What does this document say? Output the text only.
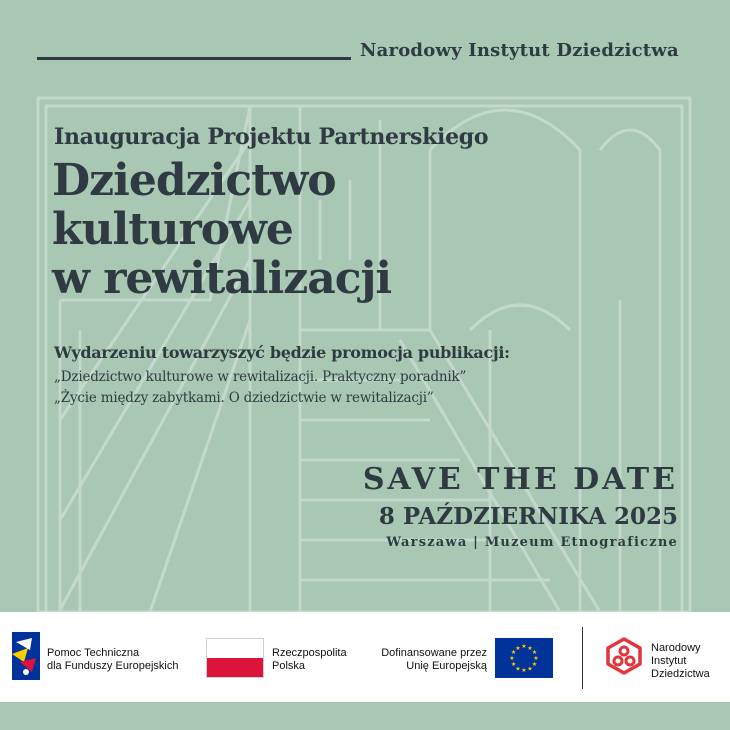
Narodowy Instytut Dziedzictwa
Inauguracja Projektu Partnerskiego
Dziedzictwo
kulturowe
w rewitalizacji
Wydarzeniu towarzyszyć będzie promocja publikacji:
„Dziedzictwo kulturowe w rewitalizacji. Praktyczny poradnik”
„Życie między zabytkami. O dziedzictwie w rewitalizacji”
SAVE THE DATE
8 PAŹDZIERNIKA 2025
Warszawa | Muzeum Etnograficzne
Pomoc Techniczna
dla Funduszy Europejskich
Rzeczpospolita
Polska
Dofinansowane przez
Unię Europejską
★ ★
★
★
★
★
★
★
★
★
★
★	Narodowy
Instytut
Dziedzictwa
